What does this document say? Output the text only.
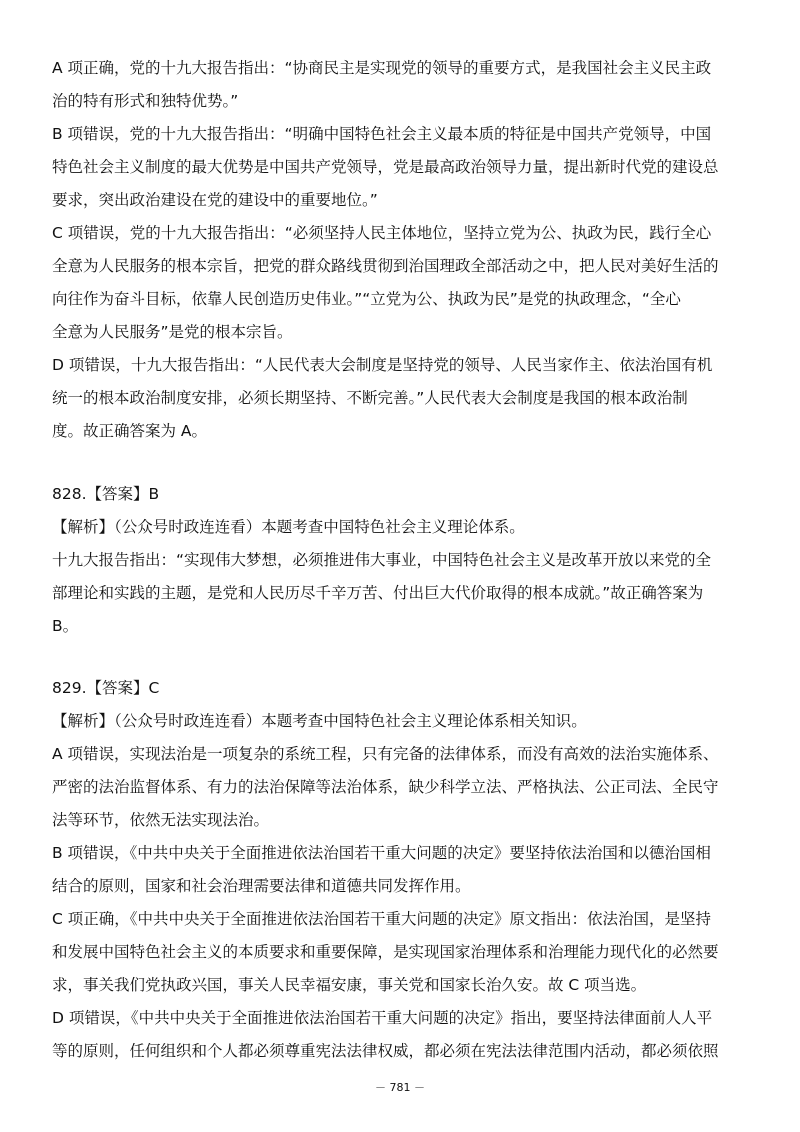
A 项正确，党的十九大报告指出：“协商民主是实现党的领导的重要方式，是我国社会主义民主政
治的特有形式和独特优势。”
B 项错误，党的十九大报告指出：“明确中国特色社会主义最本质的特征是中国共产党领导，中国
特色社会主义制度的最大优势是中国共产党领导，党是最高政治领导力量，提出新时代党的建设总
要求，突出政治建设在党的建设中的重要地位。”
C 项错误，党的十九大报告指出：“必须坚持人民主体地位，坚持立党为公、执政为民，践行全心
全意为人民服务的根本宗旨，把党的群众路线贯彻到治国理政全部活动之中，把人民对美好生活的
向往作为奋斗目标，依靠人民创造历史伟业。”“立党为公、执政为民”是党的执政理念，“全心
全意为人民服务”是党的根本宗旨。
D 项错误，十九大报告指出：“人民代表大会制度是坚持党的领导、人民当家作主、依法治国有机
统一的根本政治制度安排，必须长期坚持、不断完善。”人民代表大会制度是我国的根本政治制
度。故正确答案为 A。
828.【答案】B
【解析】（公众号时政连连看）本题考查中国特色社会主义理论体系。
十九大报告指出：“实现伟大梦想，必须推进伟大事业，中国特色社会主义是改革开放以来党的全
部理论和实践的主题，是党和人民历尽千辛万苦、付出巨大代价取得的根本成就。”故正确答案为
B。
829.【答案】C
【解析】（公众号时政连连看）本题考查中国特色社会主义理论体系相关知识。
A 项错误，实现法治是一项复杂的系统工程，只有完备的法律体系，而没有高效的法治实施体系、
严密的法治监督体系、有力的法治保障等法治体系，缺少科学立法、严格执法、公正司法、全民守
法等环节，依然无法实现法治。
B 项错误，《中共中央关于全面推进依法治国若干重大问题的决定》要坚持依法治国和以德治国相
结合的原则，国家和社会治理需要法律和道德共同发挥作用。
C 项正确，《中共中央关于全面推进依法治国若干重大问题的决定》原文指出：依法治国，是坚持
和发展中国特色社会主义的本质要求和重要保障，是实现国家治理体系和治理能力现代化的必然要
求，事关我们党执政兴国，事关人民幸福安康，事关党和国家长治久安。故 C 项当选。
D 项错误，《中共中央关于全面推进依法治国若干重大问题的决定》指出，要坚持法律面前人人平
等的原则，任何组织和个人都必须尊重宪法法律权威，都必须在宪法法律范围内活动，都必须依照
－ 781 －
